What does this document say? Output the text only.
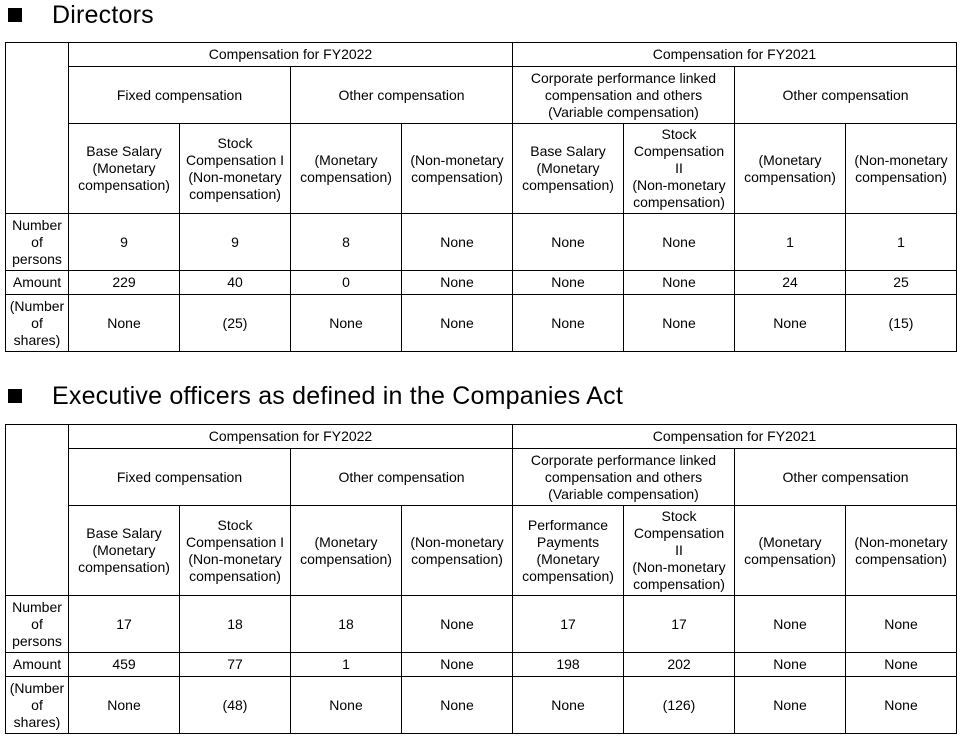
Directors
	Compensation for FY2022				Compensation for FY2021			
	Fixed compensation		Other compensation		Corporate performance linked
compensation and others
(Variable compensation)		Other compensation	
	Base Salary
(Monetary
compensation)	Stock
Compensation I
(Non-monetary
compensation)	(Monetary
compensation)	(Non-monetary
compensation)	Base Salary
(Monetary
compensation)	Stock
Compensation
II
(Non-monetary
compensation)	(Monetary
compensation)	(Non-monetary
compensation)
Number
of
persons	9	9	8	None	None	None	1	1
Amount	229	40	0	None	None	None	24	25
(Number
of
shares)	None	(25)	None	None	None	None	None	(15)
Executive officers as defined in the Companies Act
	Compensation for FY2022				Compensation for FY2021			
	Fixed compensation		Other compensation		Corporate performance linked
compensation and others
(Variable compensation)		Other compensation	
	Base Salary
(Monetary
compensation)	Stock
Compensation I
(Non-monetary
compensation)	(Monetary
compensation)	(Non-monetary
compensation)	Performance
Payments
(Monetary
compensation)	Stock
Compensation
II
(Non-monetary
compensation)	(Monetary
compensation)	(Non-monetary
compensation)
Number
of
persons	17	18	18	None	17	17	None	None
Amount	459	77	1	None	198	202	None	None
(Number
of
shares)	None	(48)	None	None	None	(126)	None	None
